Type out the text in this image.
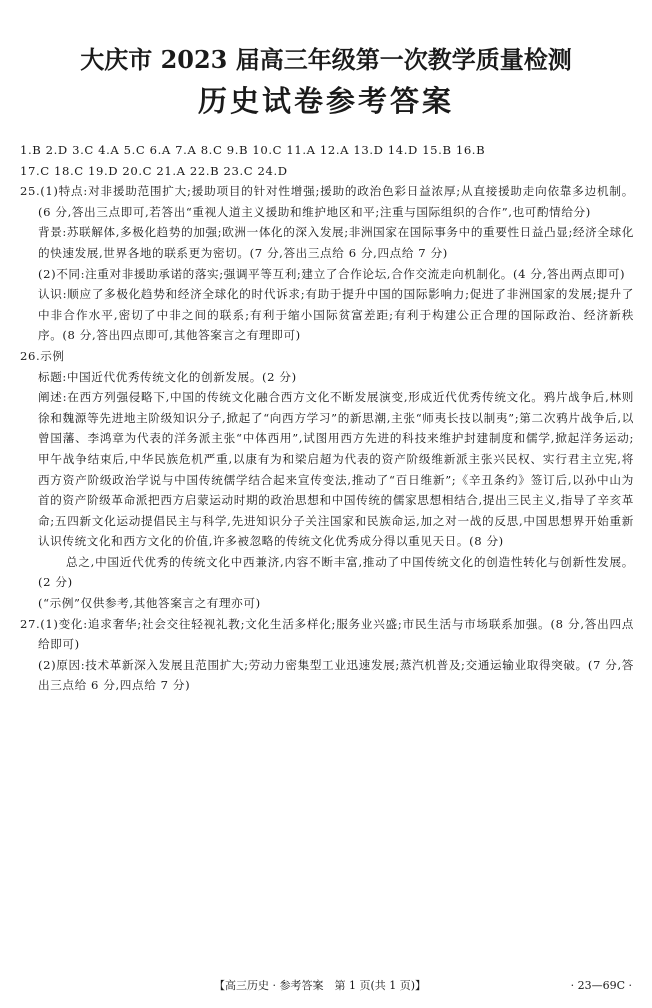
大庆市 2023 届高三年级第一次教学质量检测
历史试卷参考答案

1.B 2.D 3.C 4.A 5.C 6.A 7.A 8.C 9.B 10.C 11.A 12.A 13.D 14.D 15.B 16.B

17.C 18.C 19.D 20.C 21.A 22.B 23.C 24.D

25.(1)特点:对非援助范围扩大;援助项目的针对性增强;援助的政治色彩日益浓厚;从直接援助走向依靠多边机制。(6 分,答出三点即可,若答出“重视人道主义援助和维护地区和平;注重与国际组织的合作”,也可酌情给分)

背景:苏联解体,多极化趋势的加强;欧洲一体化的深入发展;非洲国家在国际事务中的重要性日益凸显;经济全球化的快速发展,世界各地的联系更为密切。(7 分,答出三点给 6 分,四点给 7 分)

(2)不同:注重对非援助承诺的落实;强调平等互利;建立了合作论坛,合作交流走向机制化。(4 分,答出两点即可)

认识:顺应了多极化趋势和经济全球化的时代诉求;有助于提升中国的国际影响力;促进了非洲国家的发展;提升了中非合作水平,密切了中非之间的联系;有利于缩小国际贫富差距;有利于构建公正合理的国际政治、经济新秩序。(8 分,答出四点即可,其他答案言之有理即可)

26.示例

标题:中国近代优秀传统文化的创新发展。(2 分)

阐述:在西方列强侵略下,中国的传统文化融合西方文化不断发展演变,形成近代优秀传统文化。鸦片战争后,林则徐和魏源等先进地主阶级知识分子,掀起了“向西方学习”的新思潮,主张“师夷长技以制夷”;第二次鸦片战争后,以曾国藩、李鸿章为代表的洋务派主张“中体西用”,试图用西方先进的科技来维护封建制度和儒学,掀起洋务运动;甲午战争结束后,中华民族危机严重,以康有为和梁启超为代表的资产阶级维新派主张兴民权、实行君主立宪,将西方资产阶级政治学说与中国传统儒学结合起来宣传变法,推动了“百日维新”;《辛丑条约》签订后,以孙中山为首的资产阶级革命派把西方启蒙运动时期的政治思想和中国传统的儒家思想相结合,提出三民主义,指导了辛亥革命;五四新文化运动提倡民主与科学,先进知识分子关注国家和民族命运,加之对一战的反思,中国思想界开始重新认识传统文化和西方文化的价值,许多被忽略的传统文化优秀成分得以重见天日。(8 分)

总之,中国近代优秀的传统文化中西兼济,内容不断丰富,推动了中国传统文化的创造性转化与创新性发展。(2 分)

(“示例”仅供参考,其他答案言之有理亦可)

27.(1)变化:追求奢华;社会交往轻视礼教;文化生活多样化;服务业兴盛;市民生活与市场联系加强。(8 分,答出四点给即可)

(2)原因:技术革新深入发展且范围扩大;劳动力密集型工业迅速发展;蒸汽机普及;交通运输业取得突破。(7 分,答出三点给 6 分,四点给 7 分)

【高三历史 · 参考答案　第 1 页(共 1 页)】	· 23—69C ·
